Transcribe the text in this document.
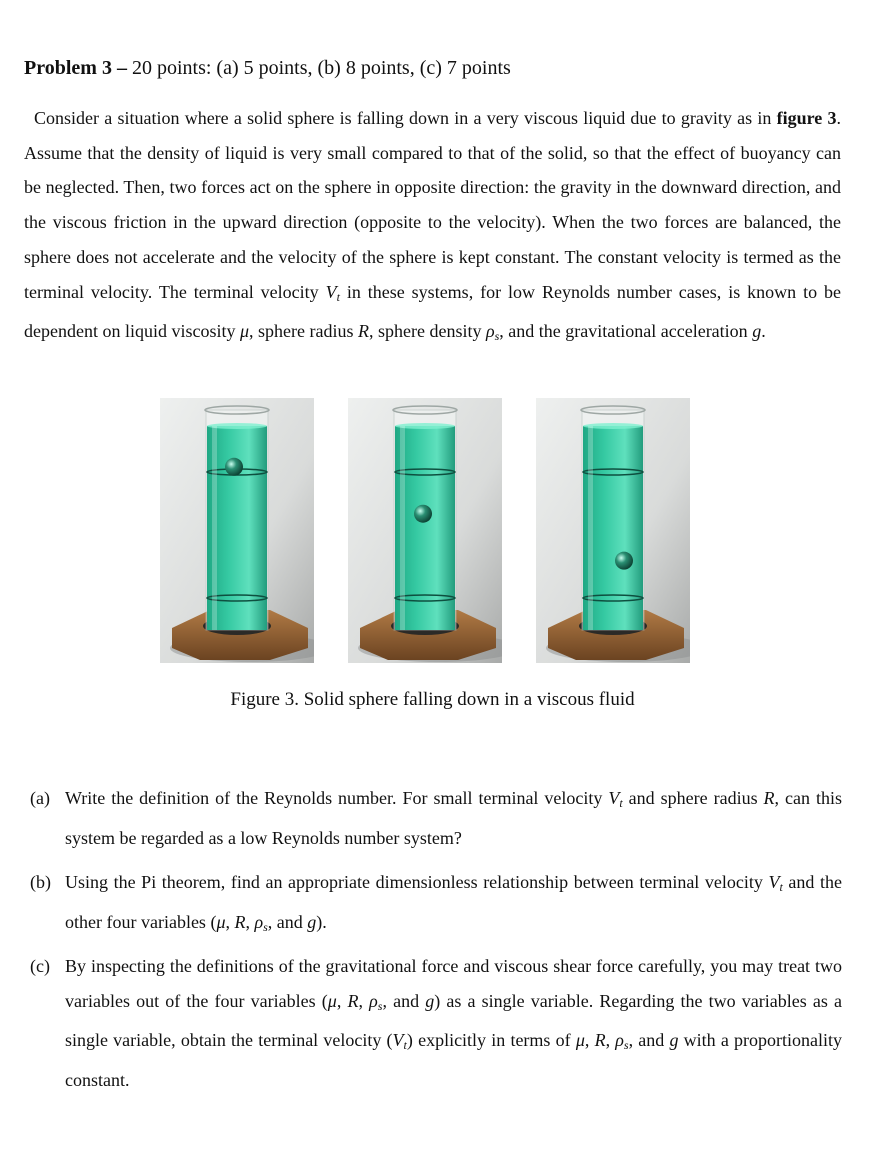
Problem 3 – 20 points: (a) 5 points, (b) 8 points, (c) 7 points
Consider a situation where a solid sphere is falling down in a very viscous liquid due to gravity as in figure 3. Assume that the density of liquid is very small compared to that of the solid, so that the effect of buoyancy can be neglected. Then, two forces act on the sphere in opposite direction: the gravity in the downward direction, and the viscous friction in the upward direction (opposite to the velocity). When the two forces are balanced, the sphere does not accelerate and the velocity of the sphere is kept constant. The constant velocity is termed as the terminal velocity. The terminal velocity $V_t$ in these systems, for low Reynolds number cases, is known to be dependent on liquid viscosity μ, sphere radius R, sphere density $\rho_s$, and the gravitational acceleration g.
Figure 3. Solid sphere falling down in a viscous fluid
(a) Write the definition of the Reynolds number. For small terminal velocity $V_t$ and sphere radius R, can this system be regarded as a low Reynolds number system?
(b) Using the Pi theorem, find an appropriate dimensionless relationship between terminal velocity $V_t$ and the other four variables (μ, R, $\rho_s$, and g).
(c) By inspecting the definitions of the gravitational force and viscous shear force carefully, you may treat two variables out of the four variables (μ, R, $\rho_s$, and g) as a single variable. Regarding the two variables as a single variable, obtain the terminal velocity $(V_t)$ explicitly in terms of μ, R, $\rho_s$, and g with a proportionality constant.
